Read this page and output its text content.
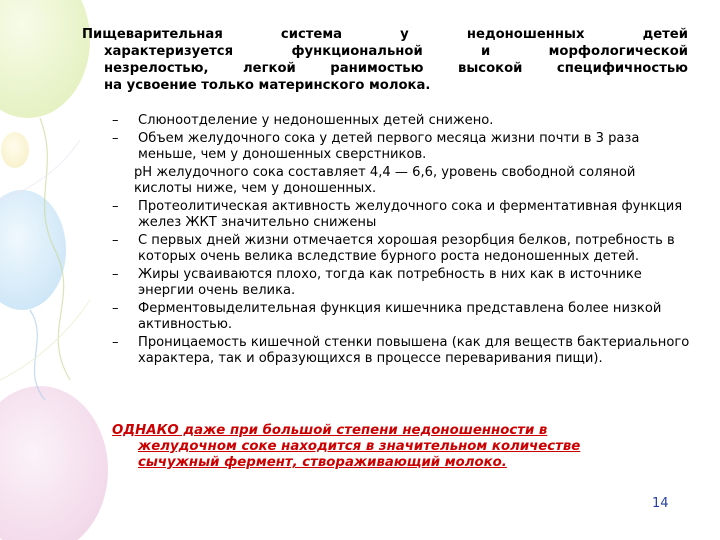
Пищеварительная система у недоношенных детей
характеризуется функциональной и морфологической
незрелостью, легкой ранимостью высокой специфичностью
на усвоение только материнского молока.

– Слюноотделение у недоношенных детей снижено.
– Объем желудочного сока у детей первого месяца жизни почти в 3 раза меньше, чем у доношенных сверстников.
рН желудочного сока составляет 4,4 — 6,6, уровень свободной соляной кислоты ниже, чем у доношенных.
– Протеолитическая активность желудочного сока и ферментативная функция желез ЖКТ значительно снижены
– С первых дней жизни отмечается хорошая резорбция белков, потребность в которых очень велика вследствие бурного роста недоношенных детей.
– Жиры усваиваются плохо, тогда как потребность в них как в источнике энергии очень велика.
– Ферментовыделительная функция кишечника представлена более низкой активностью.
– Проницаемость кишечной стенки повышена (как для веществ бактериального характера, так и образующихся в процессе переваривания пищи).

ОДНАКО даже при большой степени недоношенности в
желудочном соке находится в значительном количестве
сычужный фермент, створаживающий молоко.

14
